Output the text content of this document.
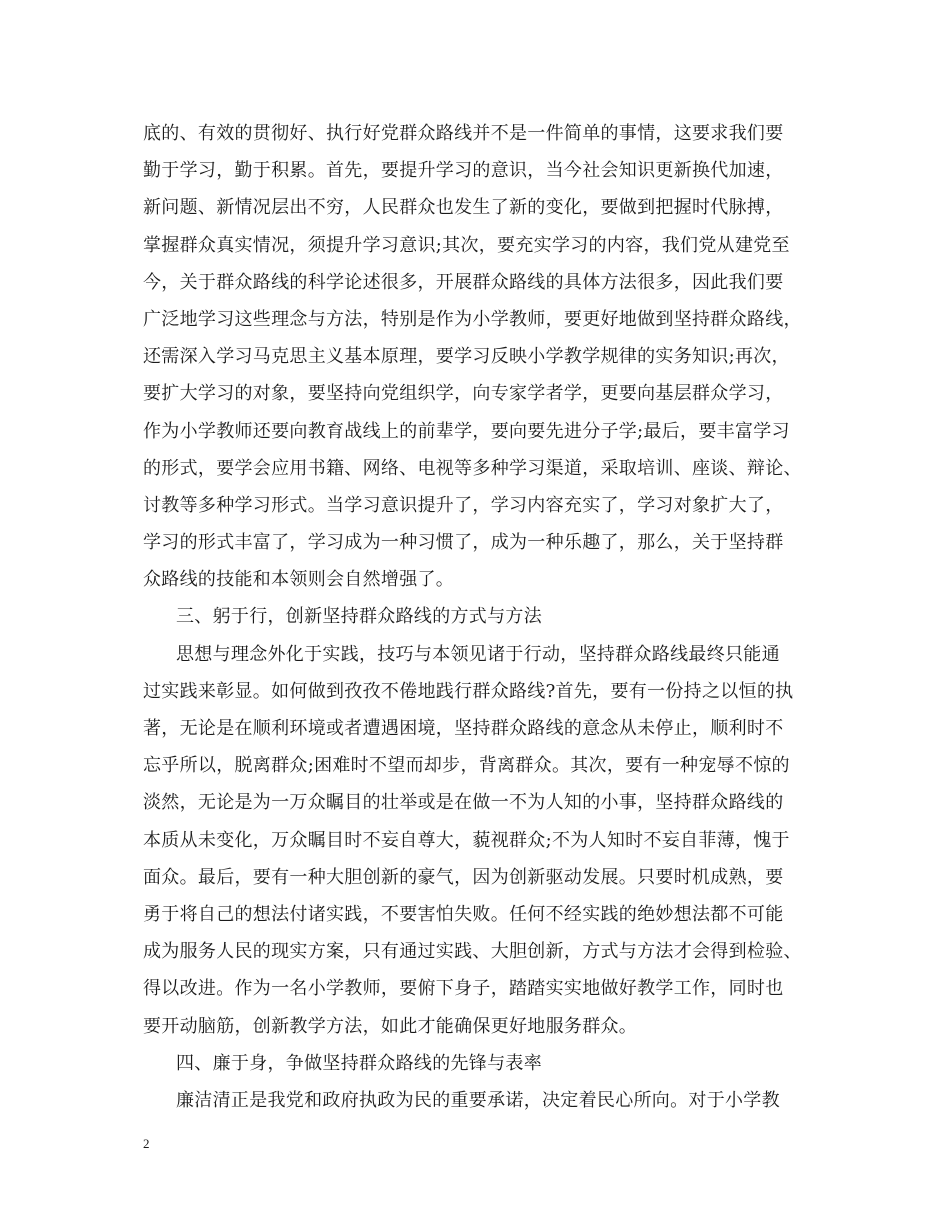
底的、有效的贯彻好、执行好党群众路线并不是一件简单的事情，这要求我们要
勤于学习，勤于积累。首先，要提升学习的意识，当今社会知识更新换代加速，
新问题、新情况层出不穷，人民群众也发生了新的变化，要做到把握时代脉搏，
掌握群众真实情况，须提升学习意识;其次，要充实学习的内容，我们党从建党至
今，关于群众路线的科学论述很多，开展群众路线的具体方法很多，因此我们要
广泛地学习这些理念与方法，特别是作为小学教师，要更好地做到坚持群众路线，
还需深入学习马克思主义基本原理，要学习反映小学教学规律的实务知识;再次，
要扩大学习的对象，要坚持向党组织学，向专家学者学，更要向基层群众学习，
作为小学教师还要向教育战线上的前辈学，要向要先进分子学;最后，要丰富学习
的形式，要学会应用书籍、网络、电视等多种学习渠道，采取培训、座谈、辩论、
讨教等多种学习形式。当学习意识提升了，学习内容充实了，学习对象扩大了，
学习的形式丰富了，学习成为一种习惯了，成为一种乐趣了，那么，关于坚持群
众路线的技能和本领则会自然增强了。
三、躬于行，创新坚持群众路线的方式与方法
思想与理念外化于实践，技巧与本领见诸于行动，坚持群众路线最终只能通
过实践来彰显。如何做到孜孜不倦地践行群众路线?首先，要有一份持之以恒的执
著，无论是在顺利环境或者遭遇困境，坚持群众路线的意念从未停止，顺利时不
忘乎所以，脱离群众;困难时不望而却步，背离群众。其次，要有一种宠辱不惊的
淡然，无论是为一万众瞩目的壮举或是在做一不为人知的小事，坚持群众路线的
本质从未变化，万众瞩目时不妄自尊大，藐视群众;不为人知时不妄自菲薄，愧于
面众。最后，要有一种大胆创新的豪气，因为创新驱动发展。只要时机成熟，要
勇于将自己的想法付诸实践，不要害怕失败。任何不经实践的绝妙想法都不可能
成为服务人民的现实方案，只有通过实践、大胆创新，方式与方法才会得到检验、
得以改进。作为一名小学教师，要俯下身子，踏踏实实地做好教学工作，同时也
要开动脑筋，创新教学方法，如此才能确保更好地服务群众。
四、廉于身，争做坚持群众路线的先锋与表率
廉洁清正是我党和政府执政为民的重要承诺，决定着民心所向。对于小学教
2
